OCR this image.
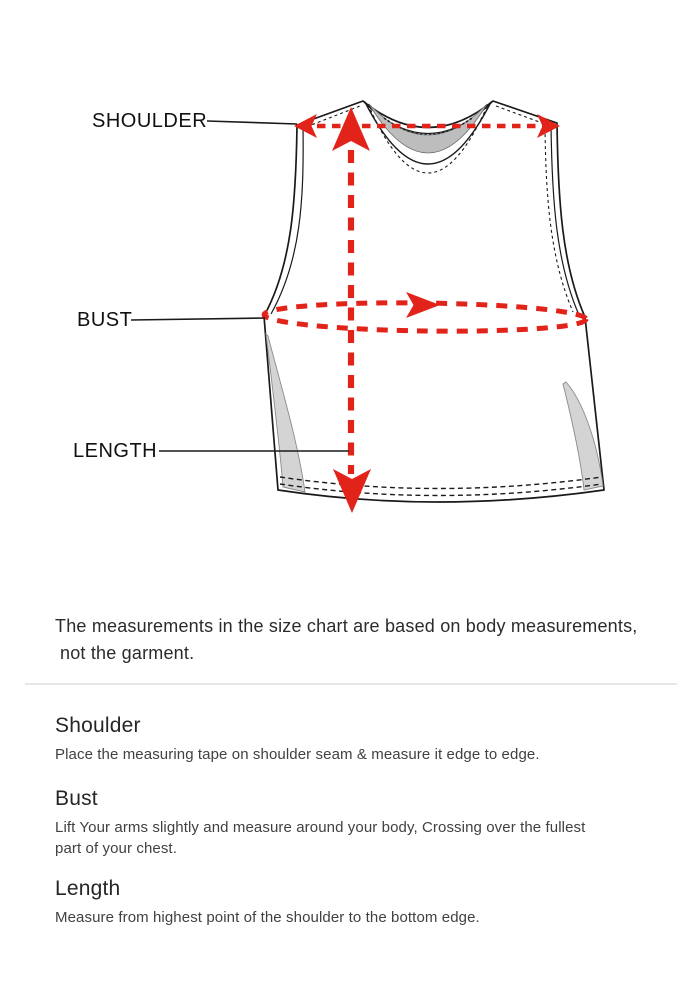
SHOULDER
BUST
LENGTH
The measurements in the size chart are based on body measurements,
not the garment.
Shoulder
Place the measuring tape on shoulder seam & measure it edge to edge.
Bust
Lift Your arms slightly and measure around your body, Crossing over the fullest
part of your chest.
Length
Measure from highest point of the shoulder to the bottom edge.
